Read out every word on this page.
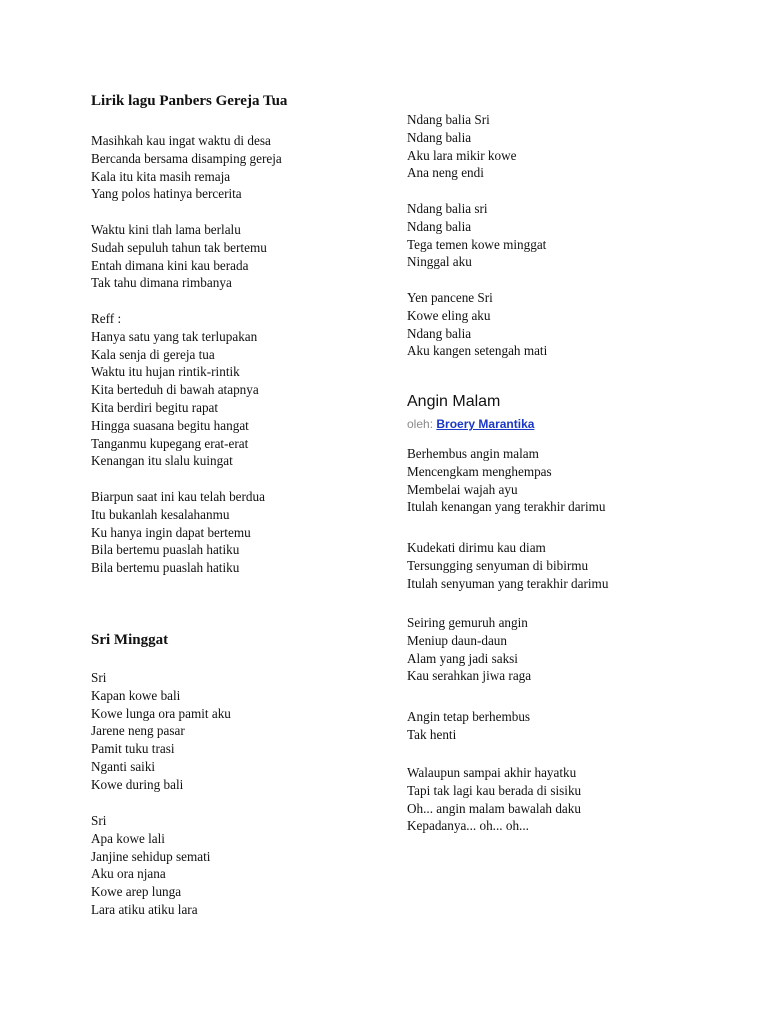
Lirik lagu Panbers Gereja Tua
Masihkah kau ingat waktu di desa
Bercanda bersama disamping gereja
Kala itu kita masih remaja
Yang polos hatinya bercerita
Waktu kini tlah lama berlalu
Sudah sepuluh tahun tak bertemu
Entah dimana kini kau berada
Tak tahu dimana rimbanya
Reff :
Hanya satu yang tak terlupakan
Kala senja di gereja tua
Waktu itu hujan rintik-rintik
Kita berteduh di bawah atapnya
Kita berdiri begitu rapat
Hingga suasana begitu hangat
Tanganmu kupegang erat-erat
Kenangan itu slalu kuingat
Biarpun saat ini kau telah berdua
Itu bukanlah kesalahanmu
Ku hanya ingin dapat bertemu
Bila bertemu puaslah hatiku
Bila bertemu puaslah hatiku
Sri Minggat
Sri
Kapan kowe bali
Kowe lunga ora pamit aku
Jarene neng pasar
Pamit tuku trasi
Nganti saiki
Kowe during bali
Sri
Apa kowe lali
Janjine sehidup semati
Aku ora njana
Kowe arep lunga
Lara atiku atiku lara
Ndang balia Sri
Ndang balia
Aku lara mikir kowe
Ana neng endi
Ndang balia sri
Ndang balia
Tega temen kowe minggat
Ninggal aku
Yen pancene Sri
Kowe eling aku
Ndang balia
Aku kangen setengah mati
Angin Malam
oleh: Broery Marantika
Berhembus angin malam
Mencengkam menghempas
Membelai wajah ayu
Itulah kenangan yang terakhir darimu
Kudekati dirimu kau diam
Tersungging senyuman di bibirmu
Itulah senyuman yang terakhir darimu
Seiring gemuruh angin
Meniup daun-daun
Alam yang jadi saksi
Kau serahkan jiwa raga
Angin tetap berhembus
Tak henti
Walaupun sampai akhir hayatku
Tapi tak lagi kau berada di sisiku
Oh... angin malam bawalah daku
Kepadanya... oh... oh...
